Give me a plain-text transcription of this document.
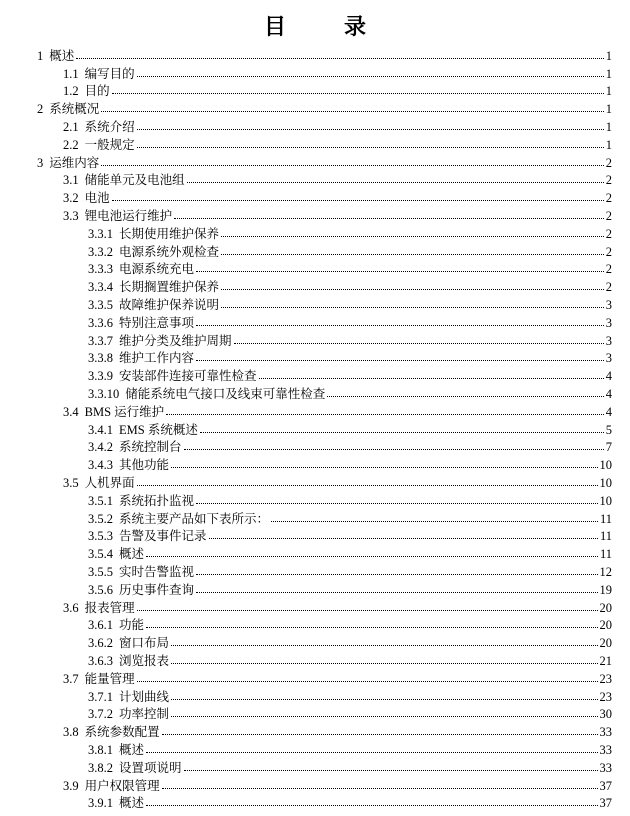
目　录
1 概述	1
1.1 编写目的	1
1.2 目的	1
2 系统概况	1
2.1 系统介绍	1
2.2 一般规定	1
3 运维内容	2
3.1 储能单元及电池组	2
3.2 电池	2
3.3 锂电池运行维护	2
3.3.1 长期使用维护保养	2
3.3.2 电源系统外观检查	2
3.3.3 电源系统充电	2
3.3.4 长期搁置维护保养	2
3.3.5 故障维护保养说明	3
3.3.6 特别注意事项	3
3.3.7 维护分类及维护周期	3
3.3.8 维护工作内容	3
3.3.9 安装部件连接可靠性检查	4
3.3.10 储能系统电气接口及线束可靠性检查	4
3.4 BMS 运行维护	4
3.4.1 EMS 系统概述	5
3.4.2 系统控制台	7
3.4.3 其他功能	10
3.5 人机界面	10
3.5.1 系统拓扑监视	10
3.5.2 系统主要产品如下表所示：	11
3.5.3 告警及事件记录	11
3.5.4 概述	11
3.5.5 实时告警监视	12
3.5.6 历史事件查询	19
3.6 报表管理	20
3.6.1 功能	20
3.6.2 窗口布局	20
3.6.3 浏览报表	21
3.7 能量管理	23
3.7.1 计划曲线	23
3.7.2 功率控制	30
3.8 系统参数配置	33
3.8.1 概述	33
3.8.2 设置项说明	33
3.9 用户权限管理	37
3.9.1 概述	37
